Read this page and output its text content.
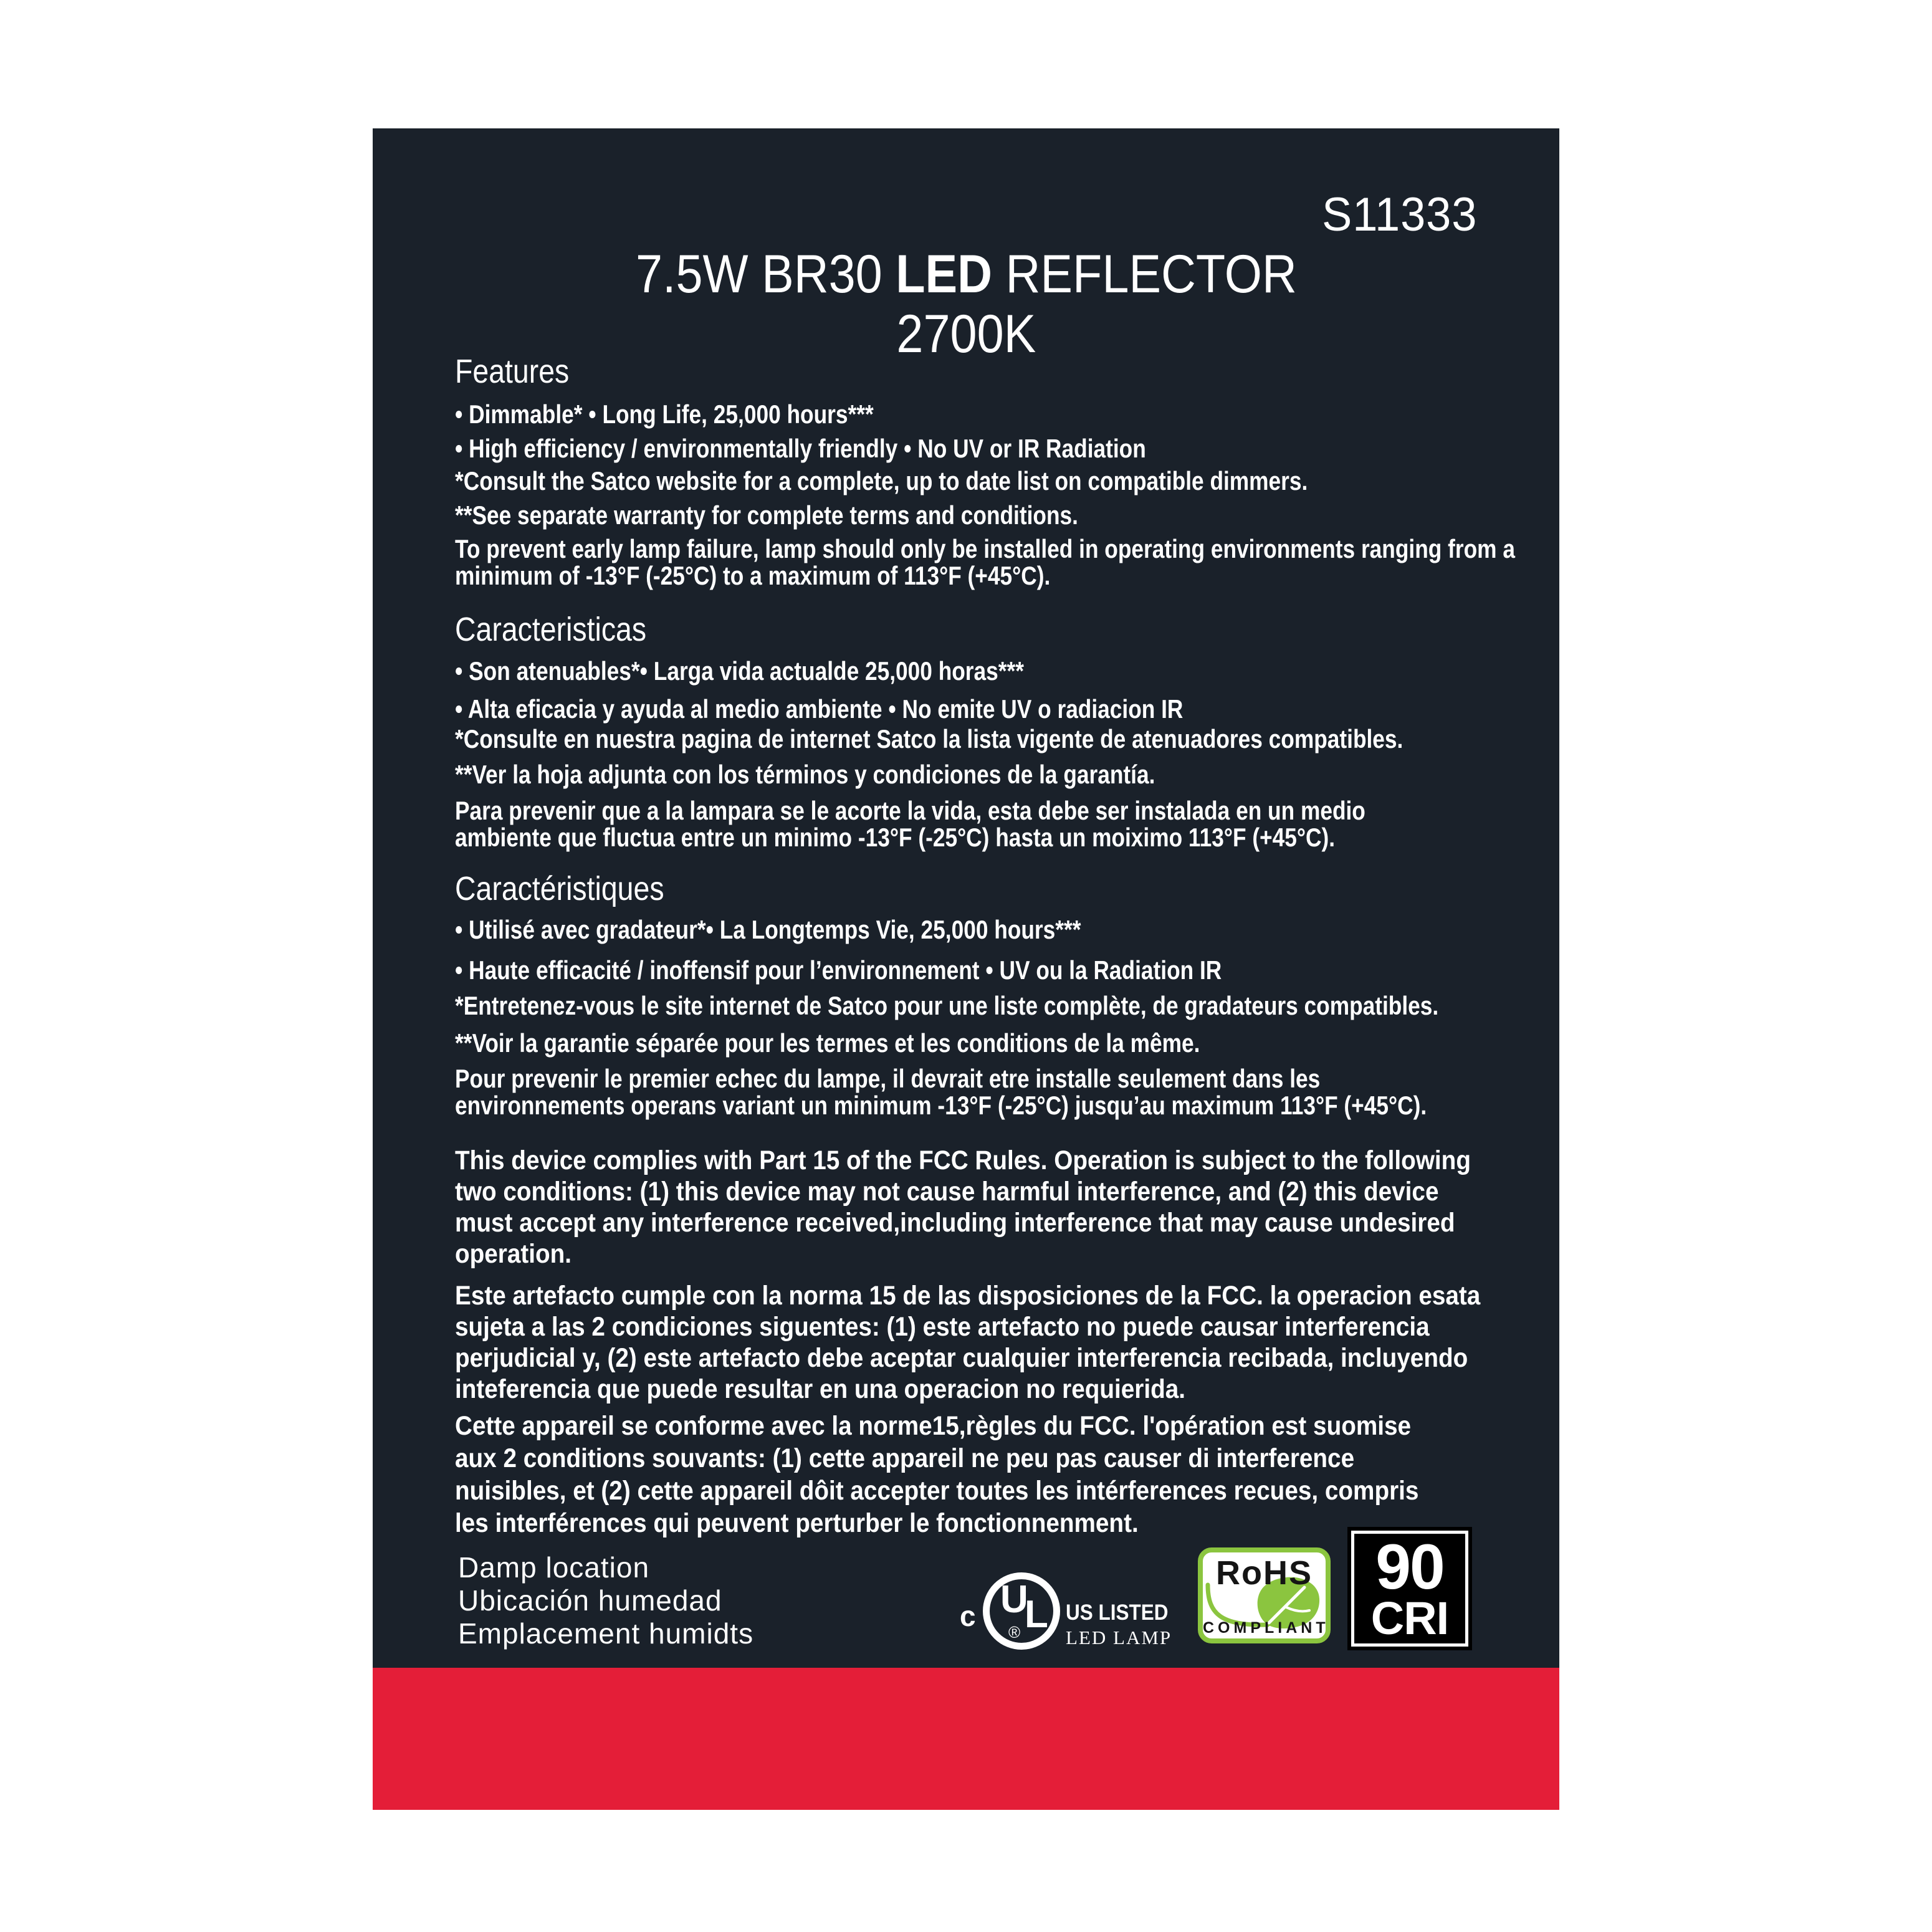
S11333
7.5W BR30 LED REFLECTOR
2700K
Features
• Dimmable* • Long Life, 25,000 hours***
• High efficiency / environmentally friendly • No UV or IR Radiation
*Consult the Satco website for a complete, up to date list on compatible dimmers.
**See separate warranty for complete terms and conditions.
To prevent early lamp failure, lamp should only be installed in operating environments ranging from a
minimum of -13°F (-25°C) to a maximum of 113°F (+45°C).
Caracteristicas
• Son atenuables*• Larga vida actualde 25,000 horas***
• Alta eficacia y ayuda al medio ambiente • No emite UV o radiacion IR
*Consulte en nuestra pagina de internet Satco la lista vigente de atenuadores compatibles.
**Ver la hoja adjunta con los términos y condiciones de la garantía.
Para prevenir que a la lampara se le acorte la vida, esta debe ser instalada en un medio
ambiente que fluctua entre un minimo -13°F (-25°C) hasta un moiximo 113°F (+45°C).
Caractéristiques
• Utilisé avec gradateur*• La Longtemps Vie, 25,000 hours***
• Haute efficacité / inoffensif pour l’environnement • UV ou la Radiation IR
*Entretenez-vous le site internet de Satco pour une liste complète, de gradateurs compatibles.
**Voir la garantie séparée pour les termes et les conditions de la même.
Pour prevenir le premier echec du lampe, il devrait etre installe seulement dans les
environnements operans variant un minimum -13°F (-25°C) jusqu’au maximum 113°F (+45°C).
This device complies with Part 15 of the FCC Rules. Operation is subject to the following
two conditions: (1) this device may not cause harmful interference, and (2) this device
must accept any interference received,including interference that may cause undesired
operation.
Este artefacto cumple con la norma 15 de las disposiciones de la FCC. la operacion esata
sujeta a las 2 condiciones siguentes: (1) este artefacto no puede causar interferencia
perjudicial y, (2) este artefacto debe aceptar cualquier interferencia recibada, incluyendo
inteferencia que puede resultar en una operacion no requierida.
Cette appareil se conforme avec la norme15,règles du FCC. l'opération est suomise
aux 2 conditions souvants: (1) cette appareil ne peu pas causer di interference
nuisibles, et (2) cette appareil dôit accepter toutes les intérferences recues, compris
les interférences qui peuvent perturber le fonctionnenment.
Damp location
Ubicación humedad
Emplacement humidts
c U
L
®
US LISTED
LED LAMP
RoHS
COMPLIANT
90
CRI
